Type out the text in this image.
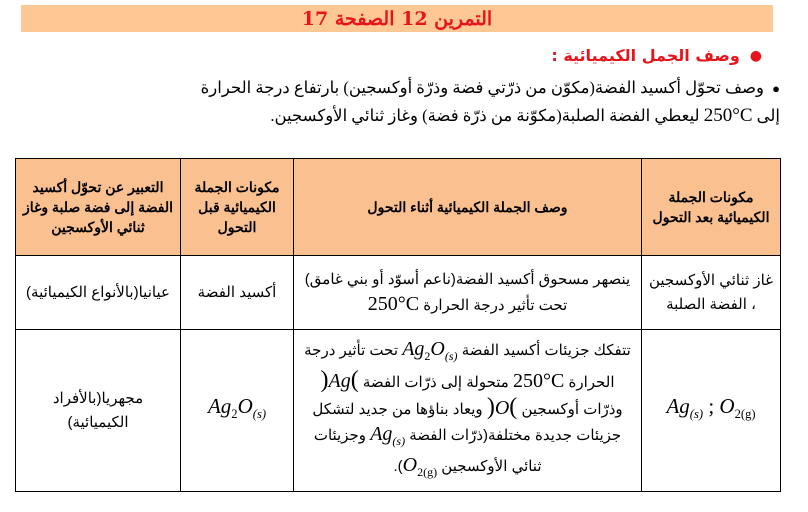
التمرين 12 الصفحة 17
●
وصف الجمل الكيميائية :
● وصف تحوّل أكسيد الفضة(مكوّن من ذرّتي فضة وذرّة أوكسجين) بارتفاع درجة الحرارة
إلى 250°C ليعطي الفضة الصلبة(مكوّنة من ذرّة فضة) وغاز ثنائي الأوكسجين.
مكونات الجملة الكيميائية بعد التحول	وصف الجملة الكيميائية أثناء التحول	مكونات الجملة الكيميائية قبل التحول	التعبير عن تحوّل أكسيد الفضة إلى فضة صلبة وغاز ثنائي الأوكسجين
غاز ثنائي الأوكسجين ، الفضة الصلبة	ينصهر مسحوق أكسيد الفضة(ناعم أسوّد أو بني غامق) تحت تأثير درجة الحرارة 250°C	أكسيد الفضة	عيانيا(بالأنواع الكيميائية)
$Ag_{(s)}$ ; $O_{2(g)}$	تتفكك جزيئات أكسيد الفضة $Ag_2O_{(s)}$ تحت تأثير درجة الحرارة 250°C متحولة إلى ذرّات الفضة )Ag( وذرّات أوكسجين )O( ويعاد بناؤها من جديد لتشكل جزيئات جديدة مختلفة(ذرّات الفضة $Ag_{(s)}$ وجزيئات ثنائي الأوكسجين $O_{2(g)}$).	$Ag_2O_{(s)}$	مجهريا(بالأفراد الكيميائية)
